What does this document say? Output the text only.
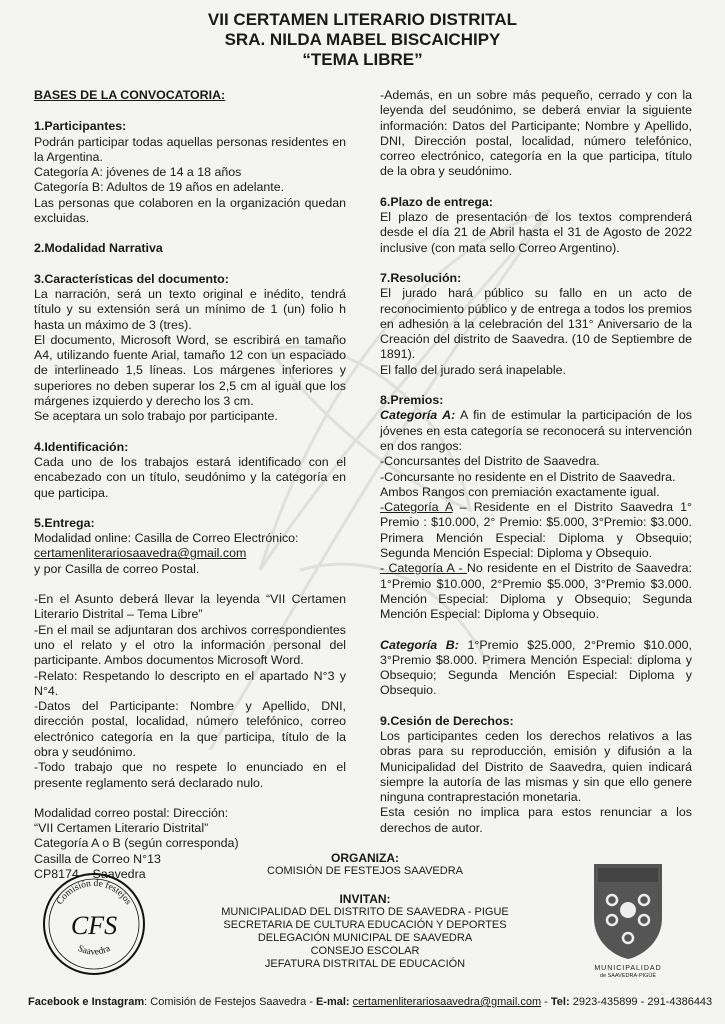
VII CERTAMEN LITERARIO DISTRITAL
SRA. NILDA MABEL BISCAICHIPY
“TEMA LIBRE”

BASES DE LA CONVOCATORIA:

1.Participantes:

Podrán participar todas aquellas personas residentes en la Argentina.

Categoría A: jóvenes de 14 a 18 años

Categoría B: Adultos de 19 años en adelante.

Las personas que colaboren en la organización quedan excluidas.

2.Modalidad Narrativa

3.Características del documento:

La narración, será un texto original e inédito, tendrá título y su extensión será un mínimo de 1 (un) folio h hasta un máximo de 3 (tres).

El documento, Microsoft Word, se escribirá en tamaño A4, utilizando fuente Arial, tamaño 12 con un espaciado de interlineado 1,5 líneas. Los márgenes inferiores y superiores no deben superar los 2,5 cm al igual que los márgenes izquierdo y derecho los 3 cm.

Se aceptara un solo trabajo por participante.

4.Identificación:

Cada uno de los trabajos estará identificado con el encabezado con un título, seudónimo y la categoría en que participa.

5.Entrega:

Modalidad online: Casilla de Correo Electrónico:

certamenliterariosaavedra@gmail.com

y por Casilla de correo Postal.

-En el Asunto deberá llevar la leyenda “VII Certamen Literario Distrital – Tema Libre”

-En el mail se adjuntaran dos archivos correspondientes uno el relato y el otro la información personal del participante. Ambos documentos Microsoft Word.

-Relato: Respetando lo descripto en el apartado N°3 y N°4.

-Datos del Participante: Nombre y Apellido, DNI, dirección postal, localidad, número telefónico, correo electrónico categoría en la que participa, título de la obra y seudónimo.

-Todo trabajo que no respete lo enunciado en el presente reglamento será declarado nulo.

Modalidad correo postal: Dirección:

“VII Certamen Literario Distrital”

Categoría A o B (según corresponda)

Casilla de Correo N°13

CP8174 – Saavedra

-Además, en un sobre más pequeño, cerrado y con la leyenda del seudónimo, se deberá enviar la siguiente información: Datos del Participante; Nombre y Apellido, DNI, Dirección postal, localidad, número telefónico, correo electrónico, categoría en la que participa, título de la obra y seudónimo.

6.Plazo de entrega:

El plazo de presentación de los textos comprenderá desde el día 21 de Abril hasta el 31 de Agosto de 2022 inclusive (con mata sello Correo Argentino).

7.Resolución:

El jurado hará público su fallo en un acto de reconocimiento público y de entrega a todos los premios en adhesión a la celebración del 131° Aniversario de la Creación del distrito de Saavedra. (10 de Septiembre de 1891).

El fallo del jurado será inapelable.

8.Premios:

Categoría A: A fin de estimular la participación de los jóvenes en esta categoría se reconocerá su intervención en dos rangos:

-Concursantes del Distrito de Saavedra.

-Concursante no residente en el Distrito de Saavedra.

Ambos Rangos con premiación exactamente igual.

-Categoría A – Residente en el Distrito Saavedra 1° Premio : $10.000, 2° Premio: $5.000, 3°Premio: $3.000. Primera Mención Especial: Diploma y Obsequio; Segunda Mención Especial: Diploma y Obsequio.

- Categoría A - No residente en el Distrito de Saavedra: 1°Premio $10.000, 2°Premio $5.000, 3°Premio $3.000. Mención Especial: Diploma y Obsequio; Segunda Mención Especial: Diploma y Obsequio.

Categoría B: 1°Premio $25.000, 2°Premio $10.000, 3°Premio $8.000. Primera Mención Especial: diploma y Obsequio; Segunda Mención Especial: Diploma y Obsequio.

9.Cesión de Derechos:

Los participantes ceden los derechos relativos a las obras para su reproducción, emisión y difusión a la Municipalidad del Distrito de Saavedra, quien indicará siempre la autoría de las mismas y sin que ello genere ninguna contraprestación monetaria.

Esta cesión no implica para estos renunciar a los derechos de autor.

Comisión de festejos
CFS
Saavedra
ORGANIZA:
COMISIÓN DE FESTEJOS SAAVEDRA
INVITAN:
MUNICIPALIDAD DEL DISTRITO DE SAAVEDRA - PIGUE
SECRETARIA DE CULTURA EDUCACIÓN Y DEPORTES
DELEGACIÓN MUNICIPAL DE SAAVEDRA
CONSEJO ESCOLAR
JEFATURA DISTRITAL DE EDUCACIÓN	MUNICIPALIDAD
de SAAVEDRA·PIGÜÉ
Facebook e Instagram: Comisión de Festejos Saavedra - E-mal: certamenliterariosaavedra@gmail.com - Tel: 2923-435899 - 291-4386443
